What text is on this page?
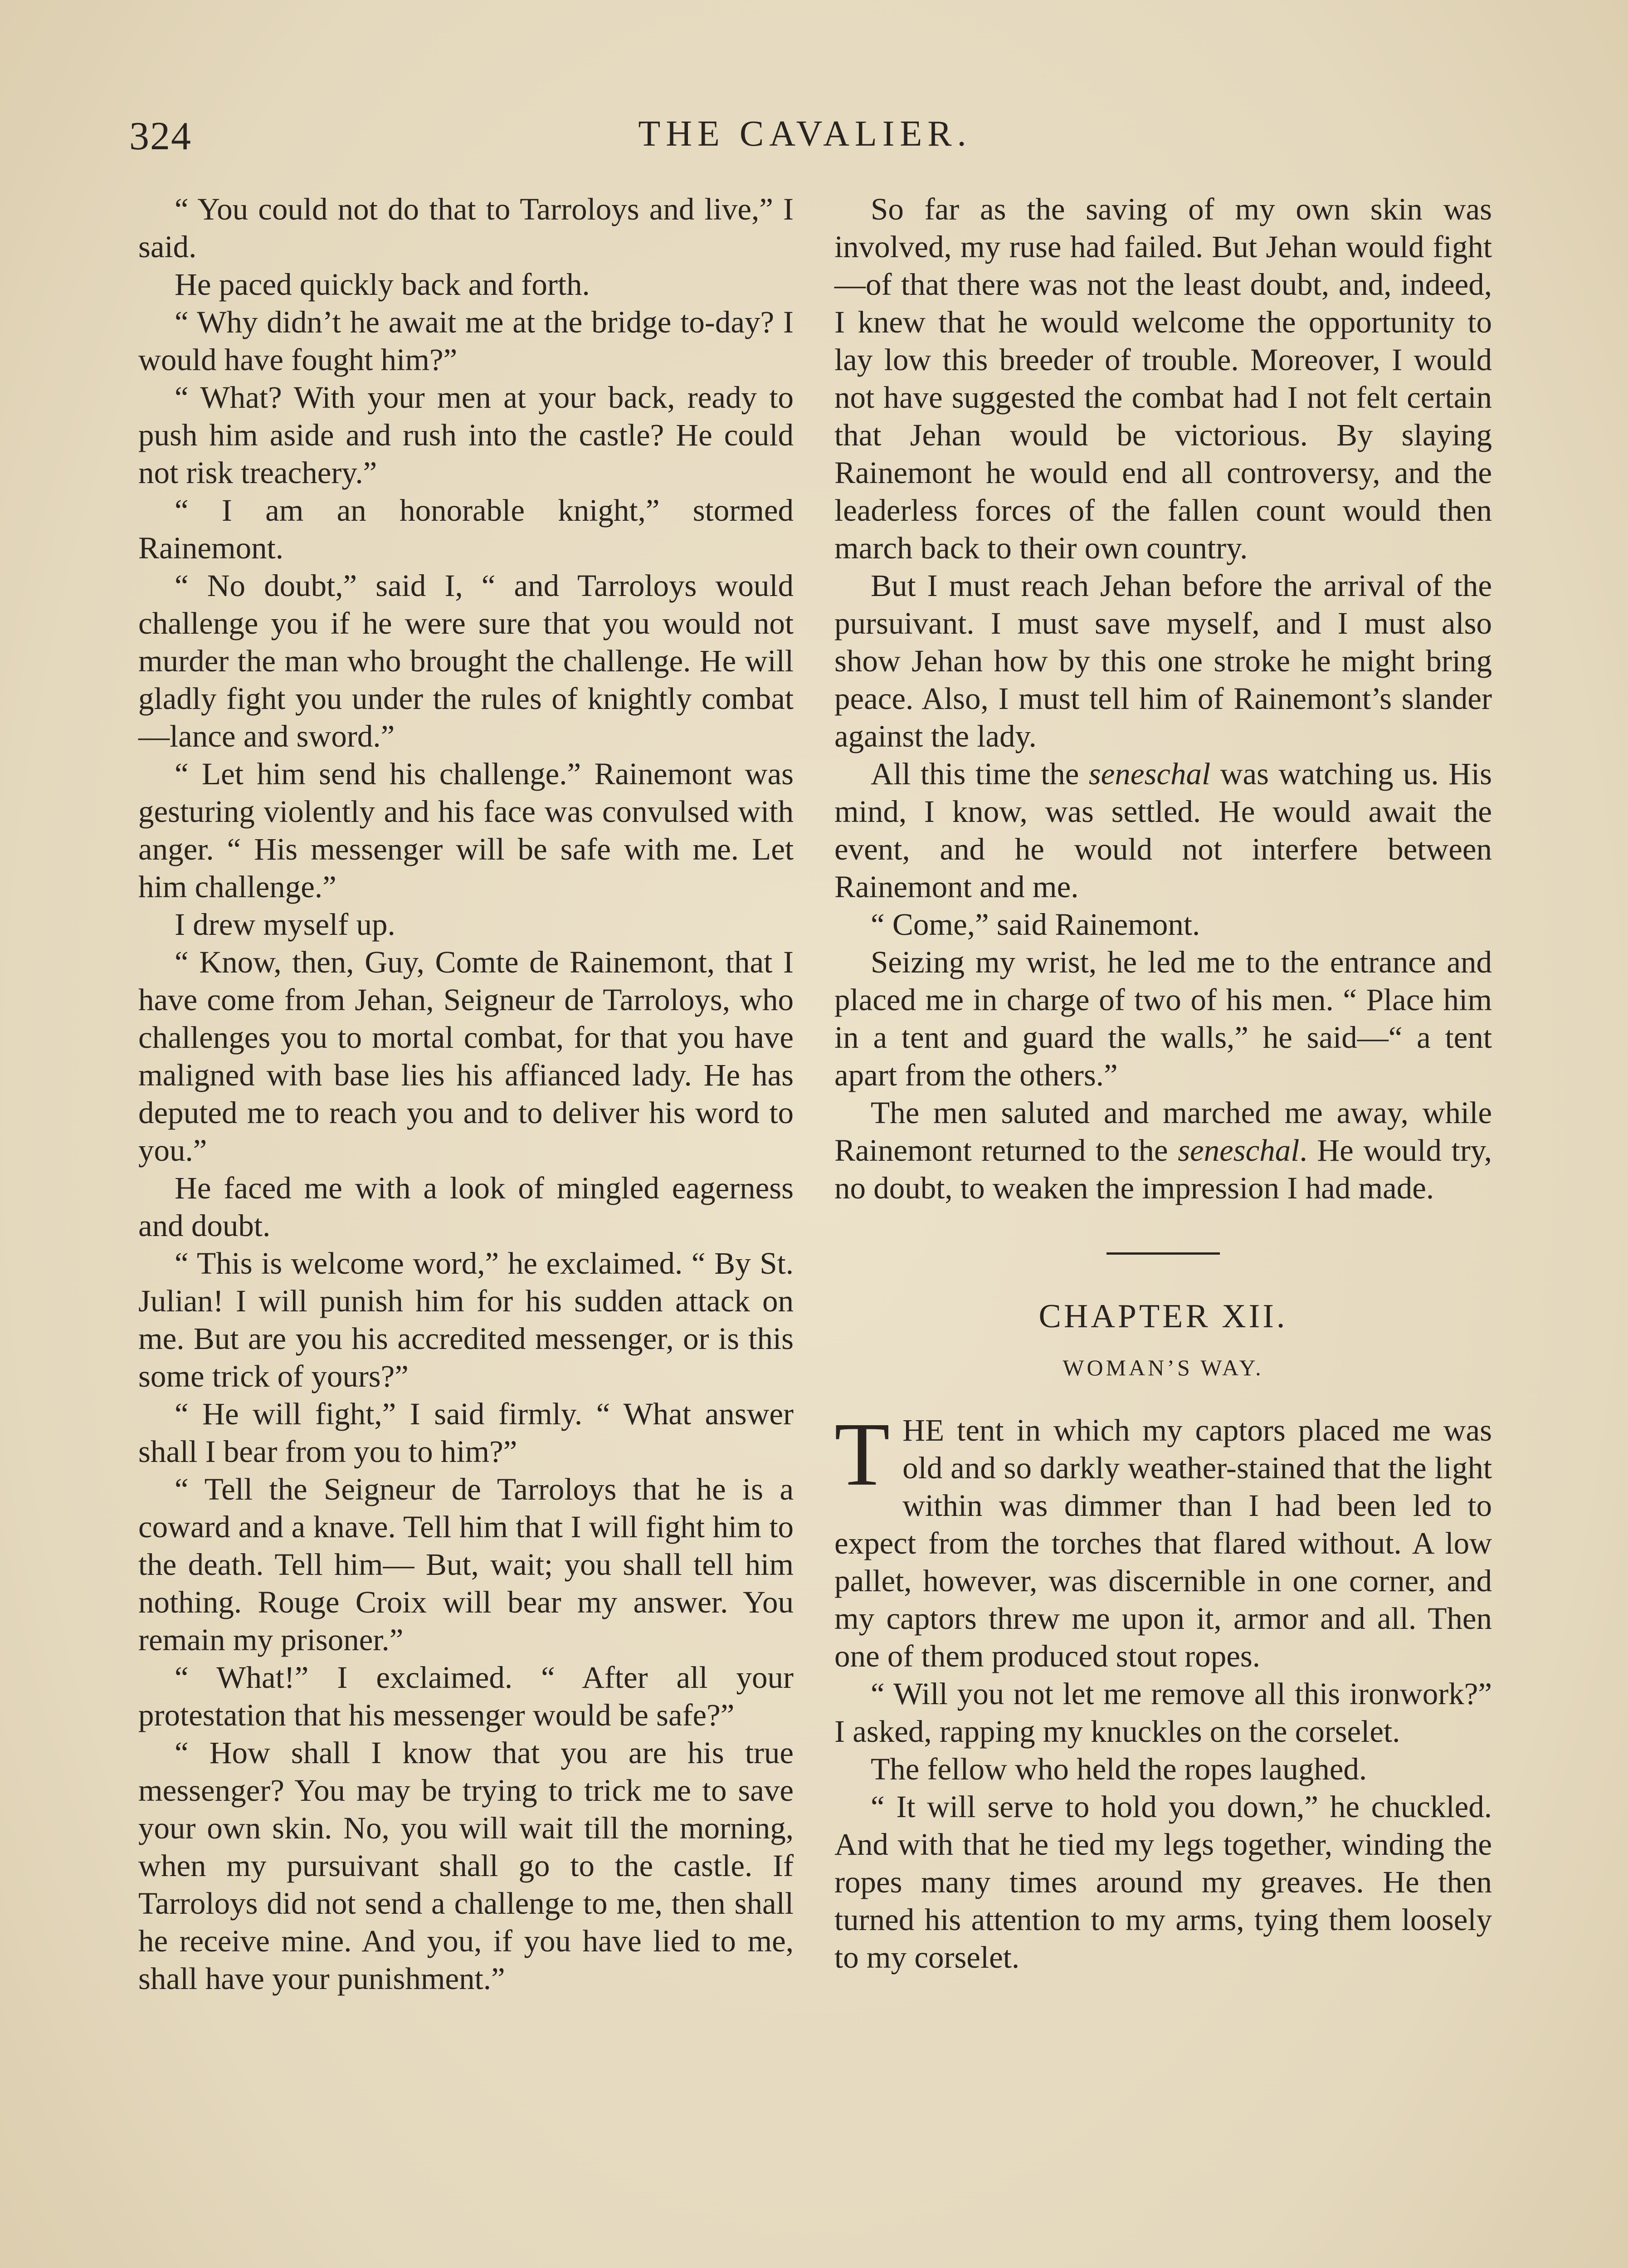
324	THE CAVALIER.

“ You could not do that to Tarroloys and live,” I said.

He paced quickly back and forth.

“ Why didn’t he await me at the bridge to-day? I would have fought him?”

“ What? With your men at your back, ready to push him aside and rush into the castle? He could not risk treachery.”

“ I am an honorable knight,” stormed Rainemont.

“ No doubt,” said I, “ and Tarroloys would challenge you if he were sure that you would not murder the man who brought the challenge. He will gladly fight you under the rules of knightly combat—lance and sword.”

“ Let him send his challenge.” Rainemont was gesturing violently and his face was convulsed with anger. “ His messenger will be safe with me. Let him challenge.”

I drew myself up.

“ Know, then, Guy, Comte de Rainemont, that I have come from Jehan, Seigneur de Tarroloys, who challenges you to mortal combat, for that you have maligned with base lies his affianced lady. He has deputed me to reach you and to deliver his word to you.”

He faced me with a look of mingled eagerness and doubt.

“ This is welcome word,” he exclaimed. “ By St. Julian! I will punish him for his sudden attack on me. But are you his accredited messenger, or is this some trick of yours?”

“ He will fight,” I said firmly. “ What answer shall I bear from you to him?”

“ Tell the Seigneur de Tarroloys that he is a coward and a knave. Tell him that I will fight him to the death. Tell him— But, wait; you shall tell him nothing. Rouge Croix will bear my answer. You remain my prisoner.”

“ What!” I exclaimed. “ After all your protestation that his messenger would be safe?”

“ How shall I know that you are his true messenger? You may be trying to trick me to save your own skin. No, you will wait till the morning, when my pursuivant shall go to the castle. If Tarroloys did not send a challenge to me, then shall he receive mine. And you, if you have lied to me, shall have your punishment.”

So far as the saving of my own skin was involved, my ruse had failed. But Jehan would fight—of that there was not the least doubt, and, indeed, I knew that he would welcome the opportunity to lay low this breeder of trouble. Moreover, I would not have suggested the combat had I not felt certain that Jehan would be victorious. By slaying Rainemont he would end all controversy, and the leaderless forces of the fallen count would then march back to their own country.

But I must reach Jehan before the arrival of the pursuivant. I must save myself, and I must also show Jehan how by this one stroke he might bring peace. Also, I must tell him of Rainemont’s slander against the lady.

All this time the seneschal was watching us. His mind, I know, was settled. He would await the event, and he would not interfere between Rainemont and me.

“ Come,” said Rainemont.

Seizing my wrist, he led me to the entrance and placed me in charge of two of his men. “ Place him in a tent and guard the walls,” he said—“ a tent apart from the others.”

The men saluted and marched me away, while Rainemont returned to the seneschal. He would try, no doubt, to weaken the impression I had made.

CHAPTER XII.
WOMAN’S WAY.

THE tent in which my captors placed me was old and so darkly weather-stained that the light within was dimmer than I had been led to expect from the torches that flared without. A low pallet, however, was discernible in one corner, and my captors threw me upon it, armor and all. Then one of them produced stout ropes.

“ Will you not let me remove all this ironwork?” I asked, rapping my knuckles on the corselet.

The fellow who held the ropes laughed.

“ It will serve to hold you down,” he chuckled. And with that he tied my legs together, winding the ropes many times around my greaves. He then turned his attention to my arms, tying them loosely to my corselet.
